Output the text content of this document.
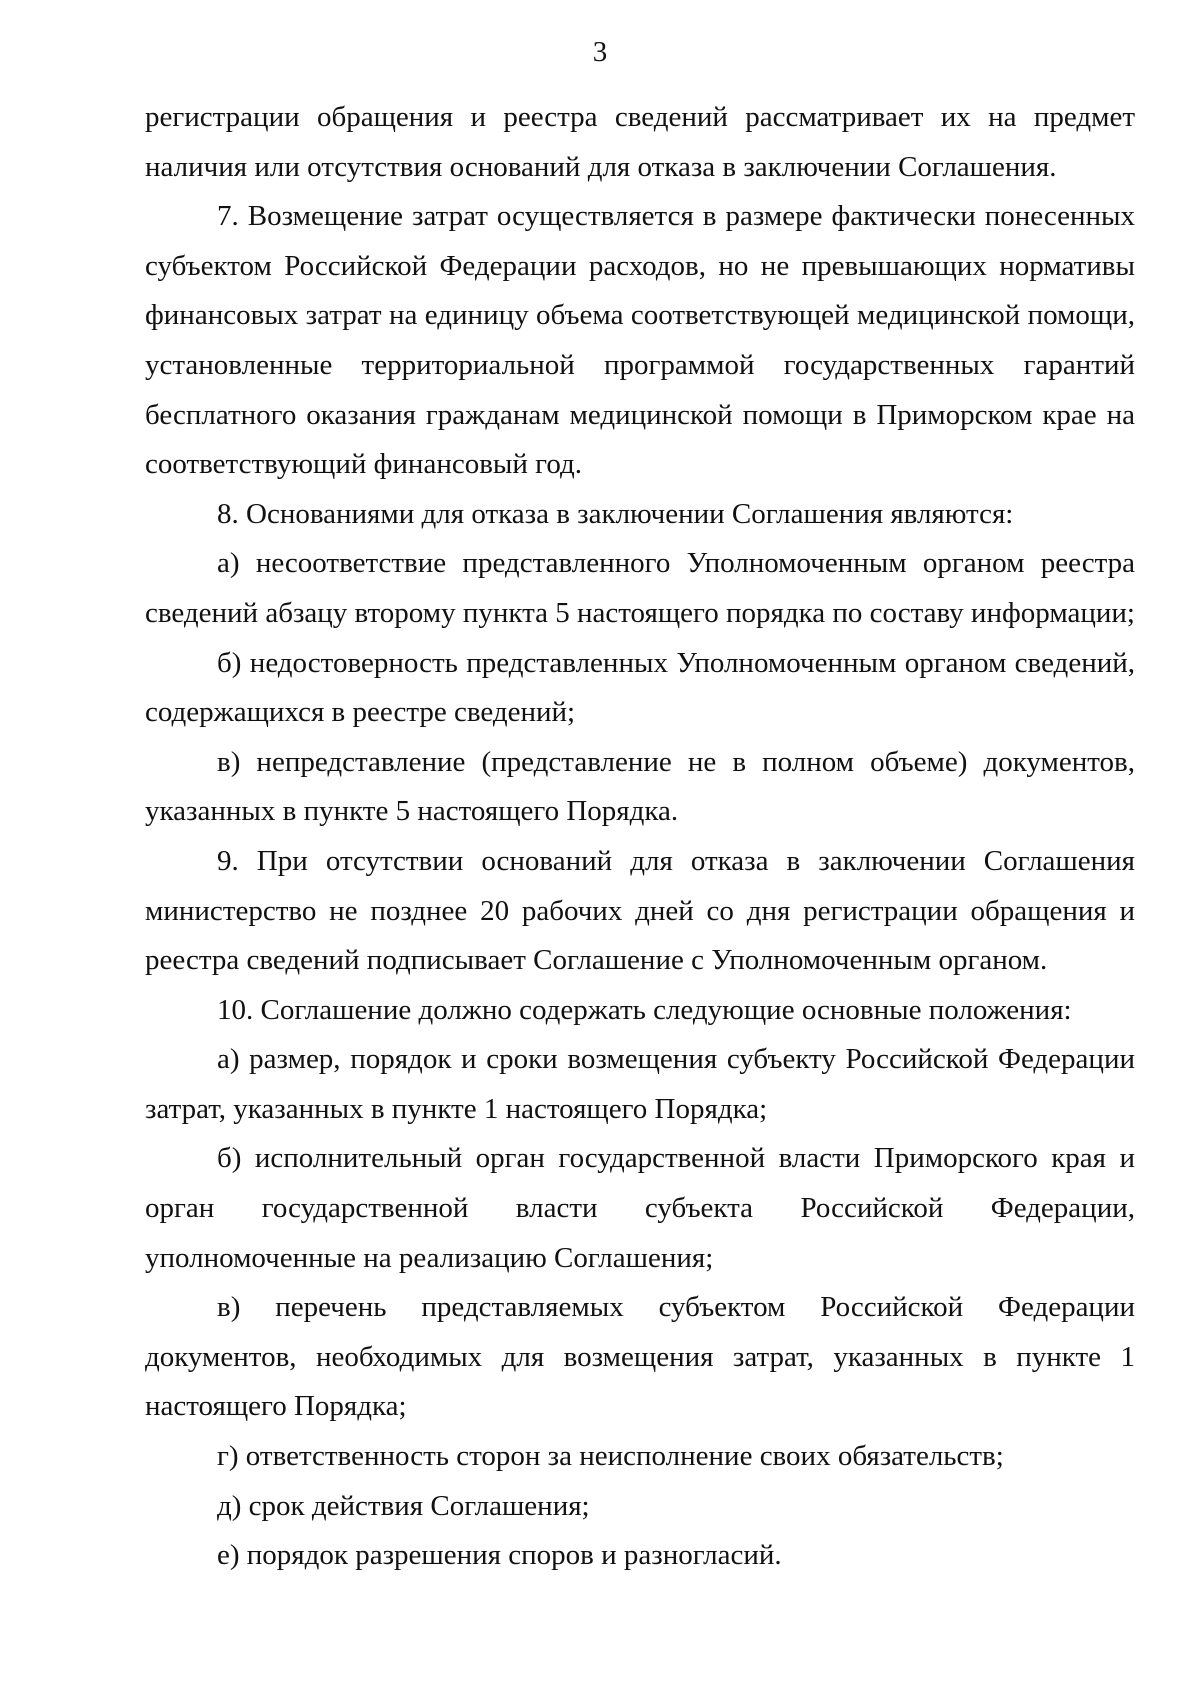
3

регистрации обращения и реестра сведений рассматривает их на предмет наличия или отсутствия оснований для отказа в заключении Соглашения.

7. Возмещение затрат осуществляется в размере фактически понесенных субъектом Российской Федерации расходов, но не превышающих нормативы финансовых затрат на единицу объема соответствующей медицинской помощи, установленные территориальной программой государственных гарантий бесплатного оказания гражданам медицинской помощи в Приморском крае на соответствующий финансовый год.

8. Основаниями для отказа в заключении Соглашения являются:

а) несоответствие представленного Уполномоченным органом реестра сведений абзацу второму пункта 5 настоящего порядка по составу информации;

б) недостоверность представленных Уполномоченным органом сведений, содержащихся в реестре сведений;

в) непредставление (представление не в полном объеме) документов, указанных в пункте 5 настоящего Порядка.

9. При отсутствии оснований для отказа в заключении Соглашения министерство не позднее 20 рабочих дней со дня регистрации обращения и реестра сведений подписывает Соглашение с Уполномоченным органом.

10. Соглашение должно содержать следующие основные положения:

а) размер, порядок и сроки возмещения субъекту Российской Федерации затрат, указанных в пункте 1 настоящего Порядка;

б) исполнительный орган государственной власти Приморского края и орган государственной власти субъекта Российской Федерации, уполномоченные на реализацию Соглашения;

в) перечень представляемых субъектом Российской Федерации документов, необходимых для возмещения затрат, указанных в пункте 1 настоящего Порядка;

г) ответственность сторон за неисполнение своих обязательств;

д) срок действия Соглашения;

е) порядок разрешения споров и разногласий.
